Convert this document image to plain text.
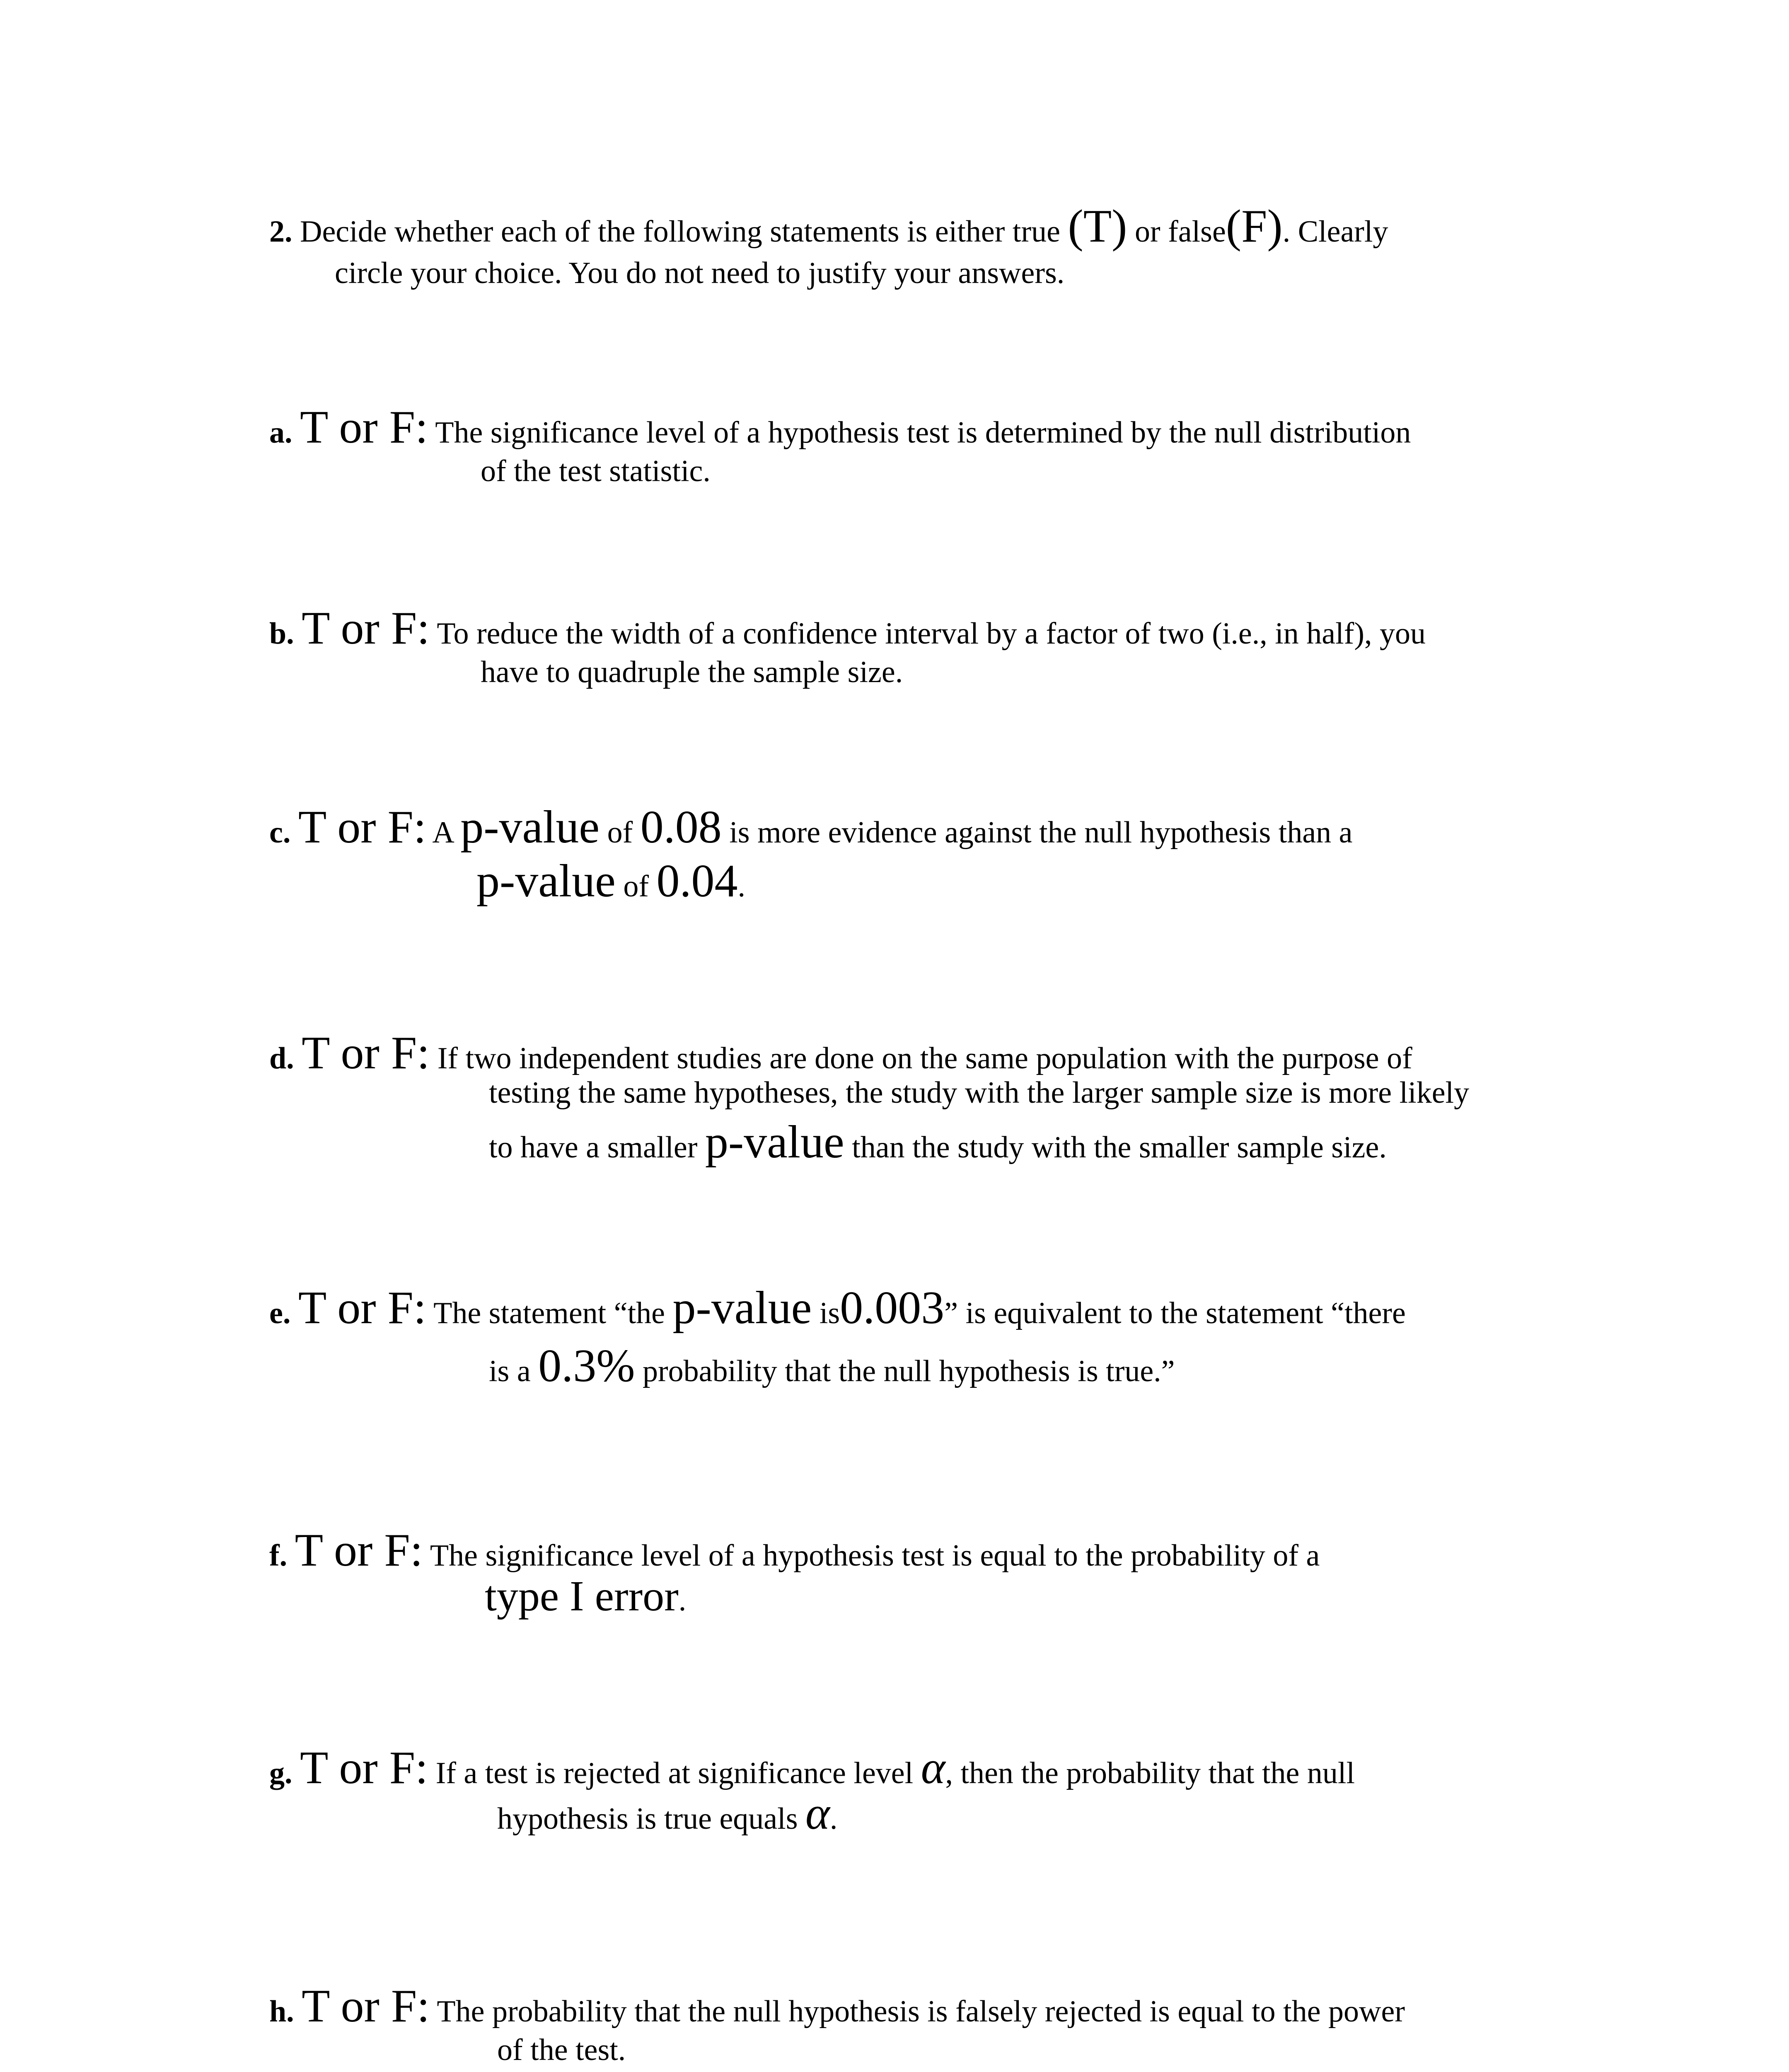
2. Decide whether each of the following statements is either true (T) or false(F). Clearly
circle your choice. You do not need to justify your answers.
a. T or F: The significance level of a hypothesis test is determined by the null distribution
of the test statistic.
b. T or F: To reduce the width of a confidence interval by a factor of two (i.e., in half), you
have to quadruple the sample size.
c. T or F: A p-value of 0.08 is more evidence against the null hypothesis than a
p-value of 0.04.
d. T or F: If two independent studies are done on the same population with the purpose of
testing the same hypotheses, the study with the larger sample size is more likely
to have a smaller p-value than the study with the smaller sample size.
e. T or F: The statement “the p-value is0.003” is equivalent to the statement “there
is a 0.3% probability that the null hypothesis is true.”
f. T or F: The significance level of a hypothesis test is equal to the probability of a
type I error.
g. T or F: If a test is rejected at significance level α, then the probability that the null
hypothesis is true equals α.
h. T or F: The probability that the null hypothesis is falsely rejected is equal to the power
of the test.
